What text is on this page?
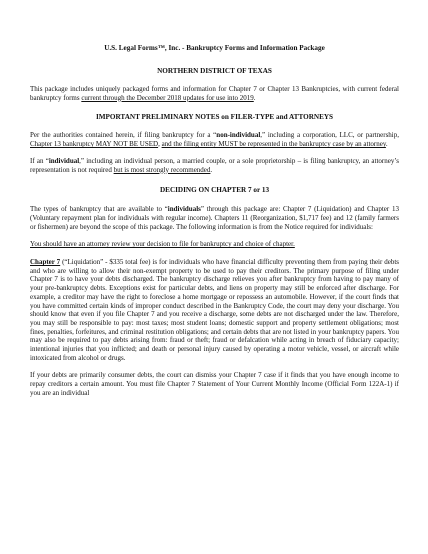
U.S. Legal Forms™, Inc. - Bankruptcy Forms and Information Package
NORTHERN DISTRICT OF TEXAS

This package includes uniquely packaged forms and information for Chapter 7 or Chapter 13 Bankruptcies, with current federal bankruptcy forms current through the December 2018 updates for use into 2019.

IMPORTANT PRELIMINARY NOTES on FILER-TYPE and ATTORNEYS

Per the authorities contained herein, if filing bankruptcy for a “non-individual,” including a corporation, LLC, or partnership, Chapter 13 bankruptcy MAY NOT BE USED, and the filing entity MUST be represented in the bankruptcy case by an attorney.

If an “individual,” including an individual person, a married couple, or a sole proprietorship – is filing bankruptcy, an attorney’s representation is not required but is most strongly recommended.

DECIDING ON CHAPTER 7 or 13

The types of bankruptcy that are available to “individuals” through this package are: Chapter 7 (Liquidation) and Chapter 13 (Voluntary repayment plan for individuals with regular income). Chapters 11 (Reorganization, $1,717 fee) and 12 (family farmers or fishermen) are beyond the scope of this package. The following information is from the Notice required for individuals:

You should have an attorney review your decision to file for bankruptcy and choice of chapter.

Chapter 7 (“Liquidation” - $335 total fee) is for individuals who have financial difficulty preventing them from paying their debts and who are willing to allow their non-exempt property to be used to pay their creditors. The primary purpose of filing under Chapter 7 is to have your debts discharged. The bankruptcy discharge relieves you after bankruptcy from having to pay many of your pre-bankruptcy debts. Exceptions exist for particular debts, and liens on property may still be enforced after discharge. For example, a creditor may have the right to foreclose a home mortgage or repossess an automobile. However, if the court finds that you have committed certain kinds of improper conduct described in the Bankruptcy Code, the court may deny your discharge. You should know that even if you file Chapter 7 and you receive a discharge, some debts are not discharged under the law. Therefore, you may still be responsible to pay: most taxes; most student loans; domestic support and property settlement obligations; most fines, penalties, forfeitures, and criminal restitution obligations; and certain debts that are not listed in your bankruptcy papers. You may also be required to pay debts arising from: fraud or theft; fraud or defalcation while acting in breach of fiduciary capacity; intentional injuries that you inflicted; and death or personal injury caused by operating a motor vehicle, vessel, or aircraft while intoxicated from alcohol or drugs.

If your debts are primarily consumer debts, the court can dismiss your Chapter 7 case if it finds that you have enough income to repay creditors a certain amount. You must file Chapter 7 Statement of Your Current Monthly Income (Official Form 122A-1) if you are an individual
